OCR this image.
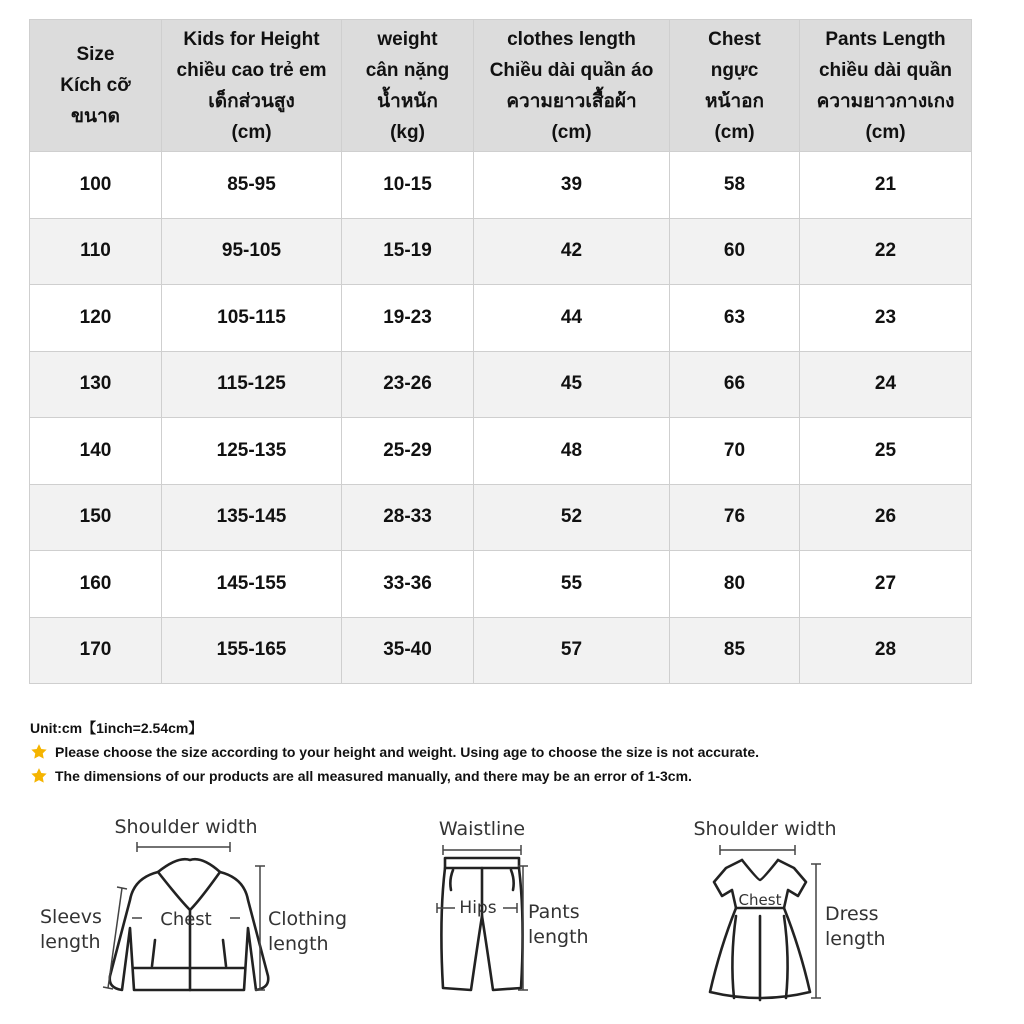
Size
Kích cỡ
ขนาด	Kids for Height
chiều cao trẻ em
เด็กส่วนสูง
(cm)	weight
cân nặng
น้ำหนัก
(kg)	clothes length
Chiều dài quần áo
ความยาวเสื้อผ้า
(cm)	Chest
ngực
หน้าอก
(cm)	Pants Length
chiều dài quần
ความยาวกางเกง
(cm)

100	85-95	10-15	39	58	21
110	95-105	15-19	42	60	22
120	105-115	19-23	44	63	23
130	115-125	23-26	45	66	24
140	125-135	25-29	48	70	25
150	135-145	28-33	52	76	26
160	145-155	33-36	55	80	27
170	155-165	35-40	57	85	28
Unit:cm【1inch=2.54cm】
Please choose the size according to your height and weight. Using age to choose the size is not accurate.
The dimensions of our products are all measured manually, and there may be an error of 1-3cm.
Shoulder width
Sleevs
length
Chest	Clothing
length
Waistline
Hips Pants
length
Shoulder width
Chest
Dress
length
